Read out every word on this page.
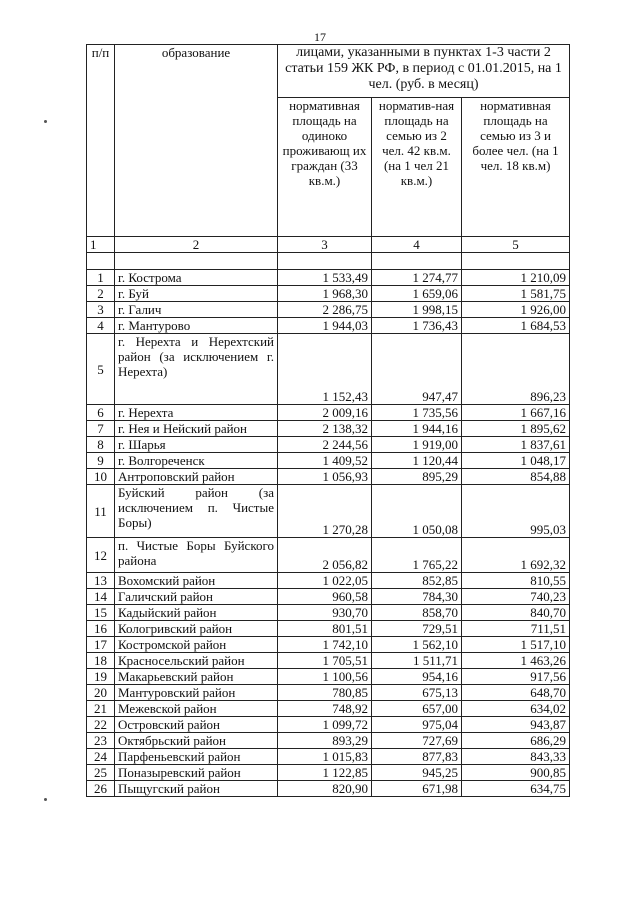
17
п/п	образование	лицами, указанными в пунктах 1-3 части 2 статьи 159 ЖК РФ, в период с 01.01.2015, на 1 чел. (руб. в месяц)		
		нормативная площадь на одиноко проживающ их граждан (33 кв.м.)	норматив-ная площадь на семью из 2 чел. 42 кв.м. (на 1 чел 21 кв.м.)	нормативная площадь на семью из 3 и более чел. (на 1 чел. 18 кв.м)
1	2	3	4	5

1	г. Кострома	1 533,49	1 274,77	1 210,09
2	г. Буй	1 968,30	1 659,06	1 581,75
3	г. Галич	2 286,75	1 998,15	1 926,00
4	г. Мантурово	1 944,03	1 736,43	1 684,53
5	г. Нерехта и Нерехтский район (за исключением г. Нерехта)	1 152,43	947,47	896,23
6	г. Нерехта	2 009,16	1 735,56	1 667,16
7	г. Нея и Нейский район	2 138,32	1 944,16	1 895,62
8	г. Шарья	2 244,56	1 919,00	1 837,61
9	г. Волгореченск	1 409,52	1 120,44	1 048,17
10	Антроповский район	1 056,93	895,29	854,88
11	Буйский район (за исключением п. Чистые Боры)	1 270,28	1 050,08	995,03
12	п. Чистые Боры Буйского района	2 056,82	1 765,22	1 692,32
13	Вохомский район	1 022,05	852,85	810,55
14	Галичский район	960,58	784,30	740,23
15	Кадыйский район	930,70	858,70	840,70
16	Кологривский район	801,51	729,51	711,51
17	Костромской район	1 742,10	1 562,10	1 517,10
18	Красносельский район	1 705,51	1 511,71	1 463,26
19	Макарьевский район	1 100,56	954,16	917,56
20	Мантуровский район	780,85	675,13	648,70
21	Межевской район	748,92	657,00	634,02
22	Островский район	1 099,72	975,04	943,87
23	Октябрьский район	893,29	727,69	686,29
24	Парфеньевский район	1 015,83	877,83	843,33
25	Поназыревский район	1 122,85	945,25	900,85
26	Пыщугский район	820,90	671,98	634,75
